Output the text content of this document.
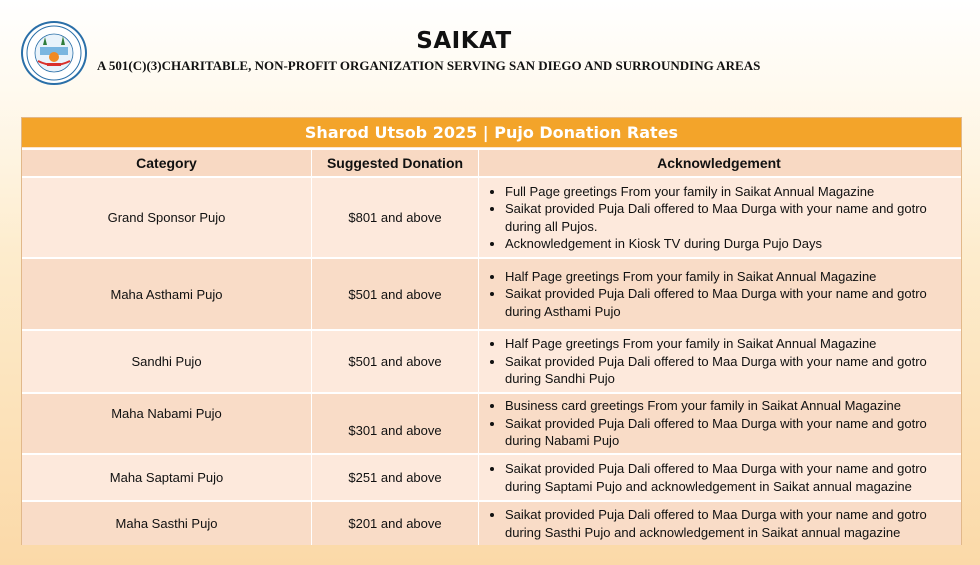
SAIKAT
A 501(C)(3)CHARITABLE, NON-PROFIT ORGANIZATION SERVING SAN DIEGO AND SURROUNDING AREAS
Sharod Utsob 2025 | Pujo Donation Rates
Category	Suggested Donation	Acknowledgement
Grand Sponsor Pujo	$801 and above
• Full Page greetings From your family in Saikat Annual Magazine
• Saikat provided Puja Dali offered to Maa Durga with your name and gotro during all Pujos.
• Acknowledgement in Kiosk TV during Durga Pujo Days
Maha Asthami Pujo	$501 and above
• Half Page greetings From your family in Saikat Annual Magazine
• Saikat provided Puja Dali offered to Maa Durga with your name and gotro during Asthami Pujo
Sandhi Pujo	$501 and above
• Half Page greetings From your family in Saikat Annual Magazine
• Saikat provided Puja Dali offered to Maa Durga with your name and gotro during Sandhi Pujo
Maha Nabami Pujo
$301 and above
• Business card greetings From your family in Saikat Annual Magazine
• Saikat provided Puja Dali offered to Maa Durga with your name and gotro during Nabami Pujo
Maha Saptami Pujo	$251 and above
• Saikat provided Puja Dali offered to Maa Durga with your name and gotro during Saptami Pujo and acknowledgement in Saikat annual magazine
Maha Sasthi Pujo	$201 and above
• Saikat provided Puja Dali offered to Maa Durga with your name and gotro during Sasthi Pujo and acknowledgement in Saikat annual magazine
